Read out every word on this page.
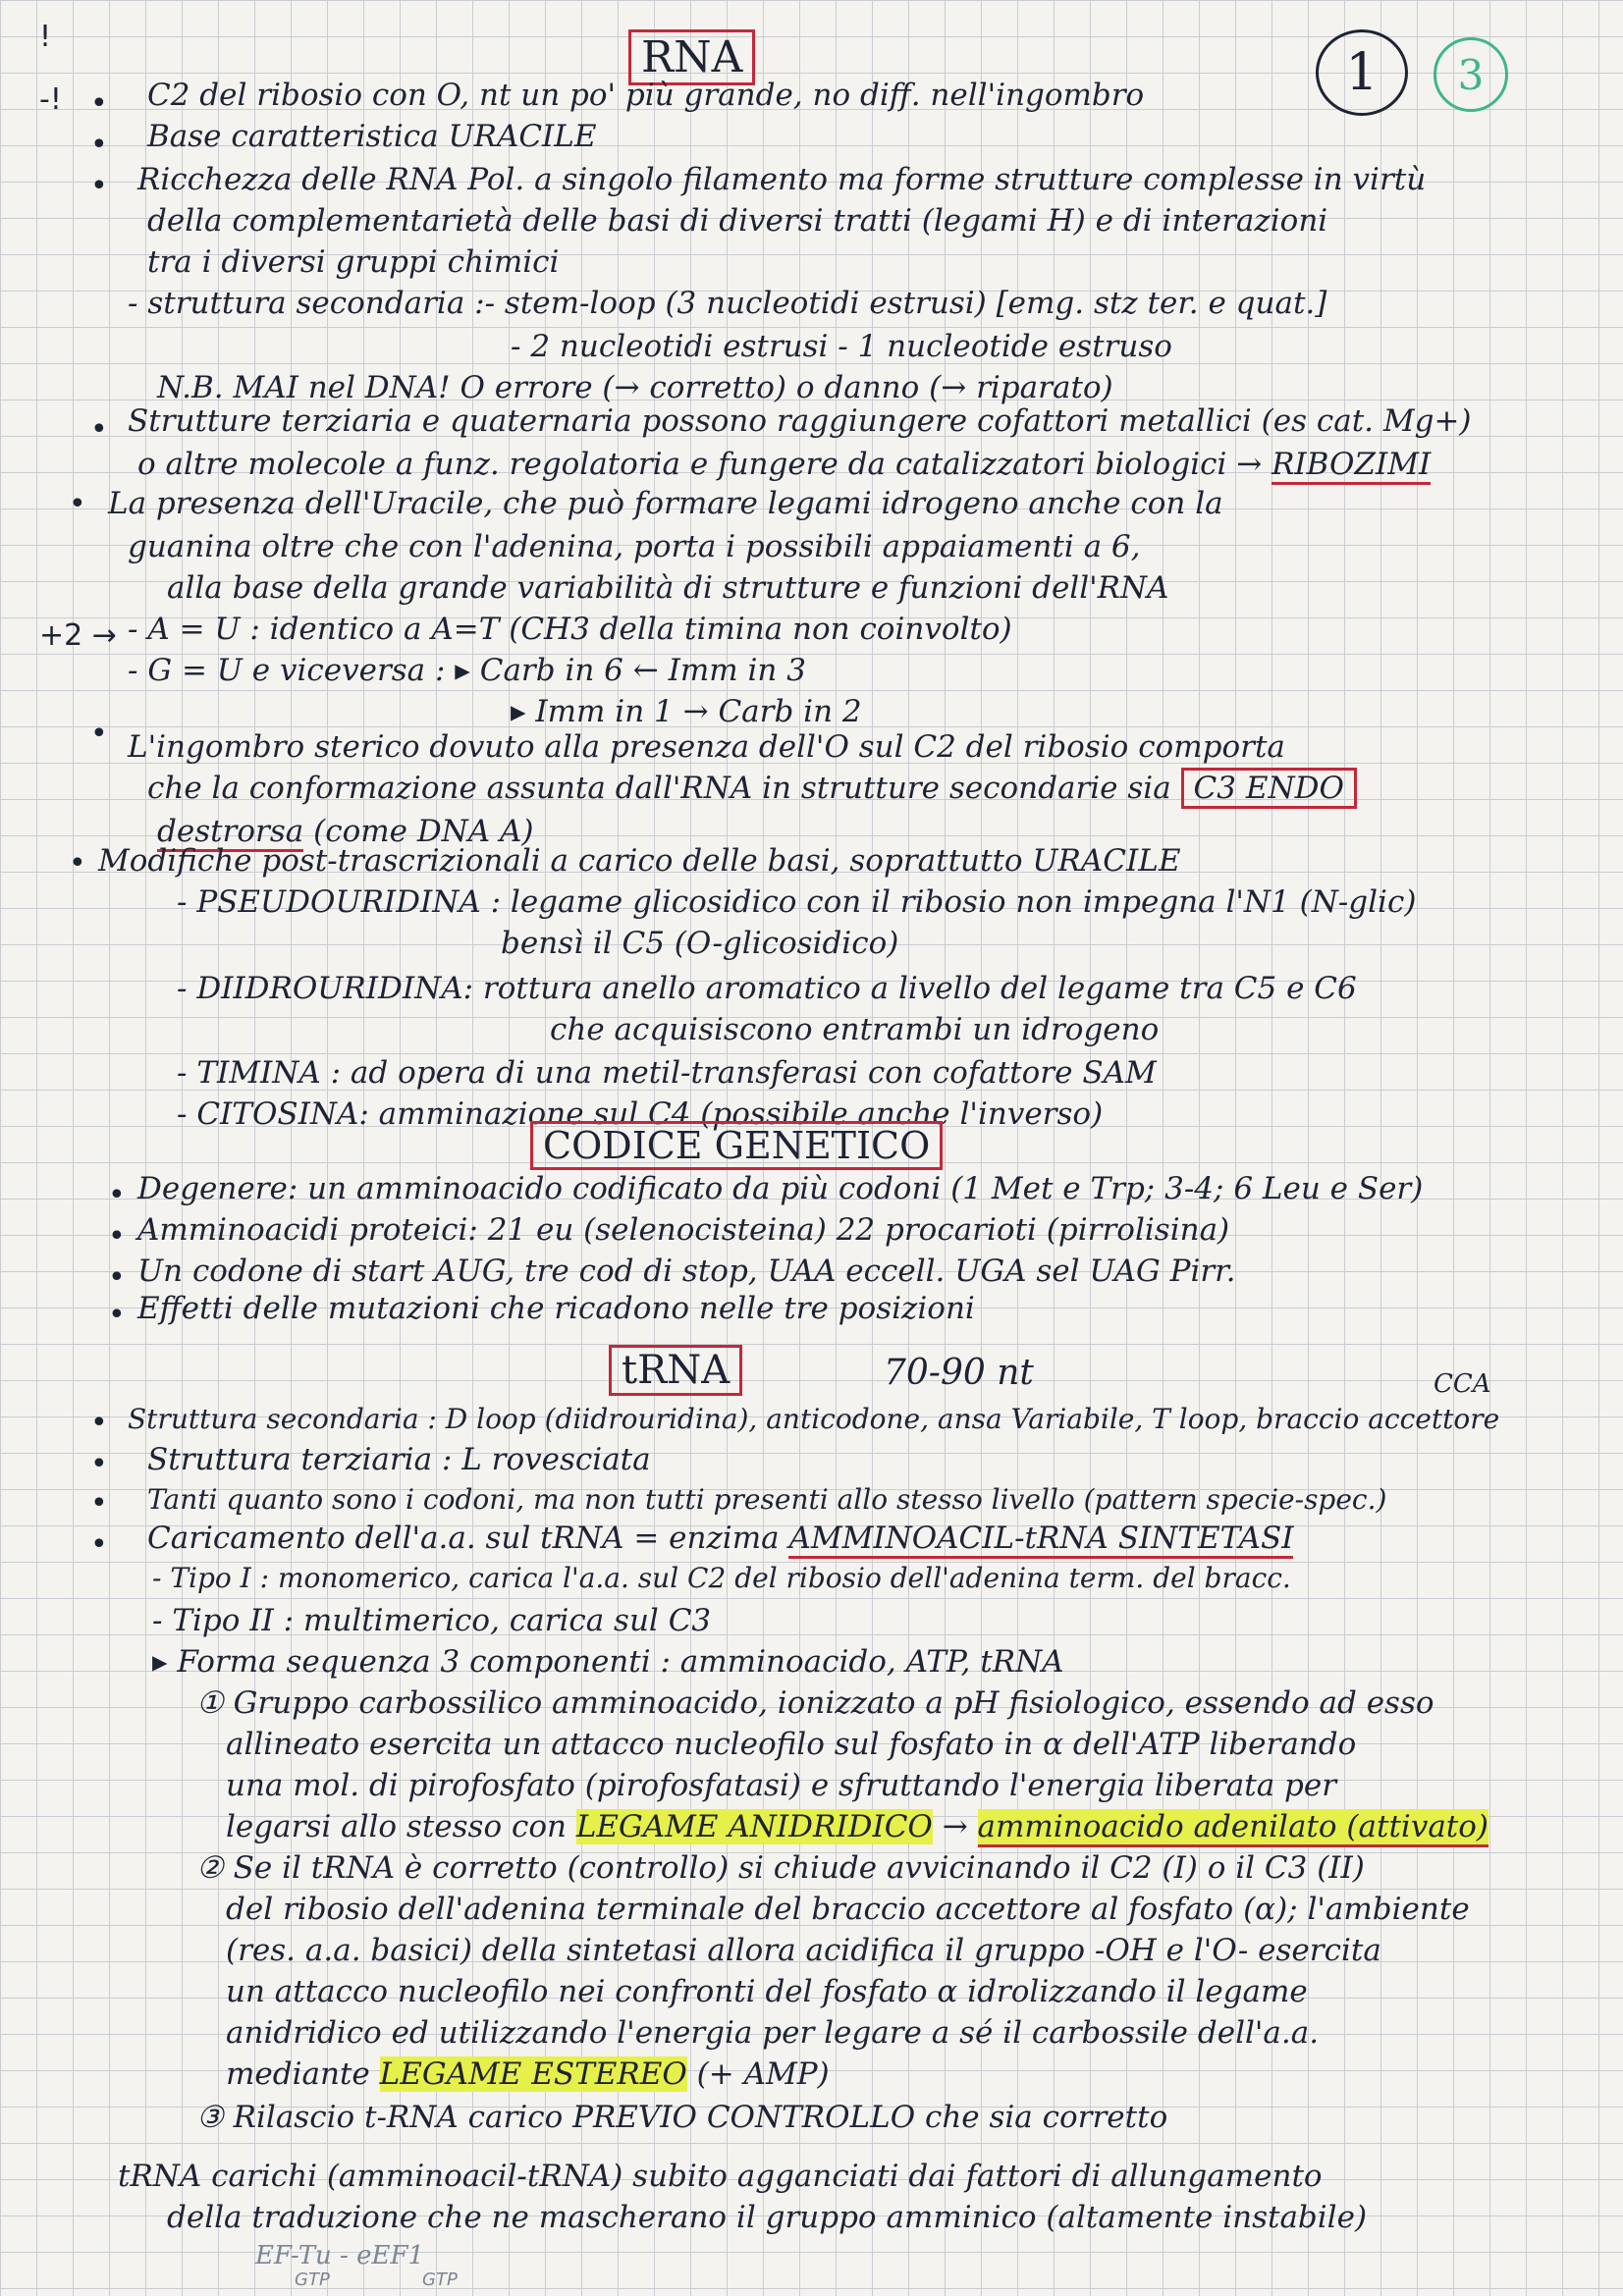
!	RNA	1	3
-! • C2 del ribosio con O, nt un po' più grande, no diff. nell'ingombro
• Base caratteristica URACILE
• Ricchezza delle RNA Pol. a singolo filamento ma forme strutture complesse in virtù
della complementarietà delle basi di diversi tratti (legami H) e di interazioni
tra i diversi gruppi chimici
- struttura secondaria :- stem-loop (3 nucleotidi estrusi) [emg. stz ter. e quat.]
- 2 nucleotidi estrusi - 1 nucleotide estruso
N.B. MAI nel DNA! O errore (→ corretto) o danno (→ riparato)
• Strutture terziaria e quaternaria possono raggiungere cofattori metallici (es cat. Mg+)
o altre molecole a funz. regolatoria e fungere da catalizzatori biologici → RIBOZIMI
• La presenza dell'Uracile, che può formare legami idrogeno anche con la
guanina oltre che con l'adenina, porta i possibili appaiamenti a 6,
alla base della grande variabilità di strutture e funzioni dell'RNA
- A = U : identico a A=T (CH3 della timina non coinvolto)
+2 →
- G = U e viceversa : ▸ Carb in 6 ← Imm in 3
▸ Imm in 1 → Carb in 2
• L'ingombro sterico dovuto alla presenza dell'O sul C2 del ribosio comporta
che la conformazione assunta dall'RNA in strutture secondarie sia C3 ENDO
destrorsa (come DNA A)
• Modifiche post-trascrizionali a carico delle basi, soprattutto URACILE
- PSEUDOURIDINA : legame glicosidico con il ribosio non impegna l'N1 (N-glic)
bensì il C5 (O-glicosidico)
- DIIDROURIDINA: rottura anello aromatico a livello del legame tra C5 e C6
che acquisiscono entrambi un idrogeno
- TIMINA : ad opera di una metil-transferasi con cofattore SAM
- CITOSINA: amminazione sul C4 (possibile anche l'inverso)
CODICE GENETICO
• Degenere: un amminoacido codificato da più codoni (1 Met e Trp; 3-4; 6 Leu e Ser)
• Amminoacidi proteici: 21 eu (selenocisteina) 22 procarioti (pirrolisina)
• Un codone di start AUG, tre cod di stop, UAA eccell. UGA sel UAG Pirr.
• Effetti delle mutazioni che ricadono nelle tre posizioni
tRNA	70-90 nt	CCA
• Struttura secondaria : D loop (diidrouridina), anticodone, ansa Variabile, T loop, braccio accettore
• Struttura terziaria : L rovesciata
• Tanti quanto sono i codoni, ma non tutti presenti allo stesso livello (pattern specie-spec.)
• Caricamento dell'a.a. sul tRNA = enzima AMMINOACIL-tRNA SINTETASI
- Tipo I : monomerico, carica l'a.a. sul C2 del ribosio dell'adenina term. del bracc.
- Tipo II : multimerico, carica sul C3
▸ Forma sequenza 3 componenti : amminoacido, ATP, tRNA
① Gruppo carbossilico amminoacido, ionizzato a pH fisiologico, essendo ad esso
allineato esercita un attacco nucleofilo sul fosfato in α dell'ATP liberando
una mol. di pirofosfato (pirofosfatasi) e sfruttando l'energia liberata per
legarsi allo stesso con LEGAME ANIDRIDICO → amminoacido adenilato (attivato)
② Se il tRNA è corretto (controllo) si chiude avvicinando il C2 (I) o il C3 (II)
del ribosio dell'adenina terminale del braccio accettore al fosfato (α); l'ambiente
(res. a.a. basici) della sintetasi allora acidifica il gruppo -OH e l'O- esercita
un attacco nucleofilo nei confronti del fosfato α idrolizzando il legame
anidridico ed utilizzando l'energia per legare a sé il carbossile dell'a.a.
mediante LEGAME ESTEREO (+ AMP)
③ Rilascio t-RNA carico PREVIO CONTROLLO che sia corretto
tRNA carichi (amminoacil-tRNA) subito agganciati dai fattori di allungamento
della traduzione che ne mascherano il gruppo amminico (altamente instabile)
EF-Tu - eEF1
GTP	GTP
